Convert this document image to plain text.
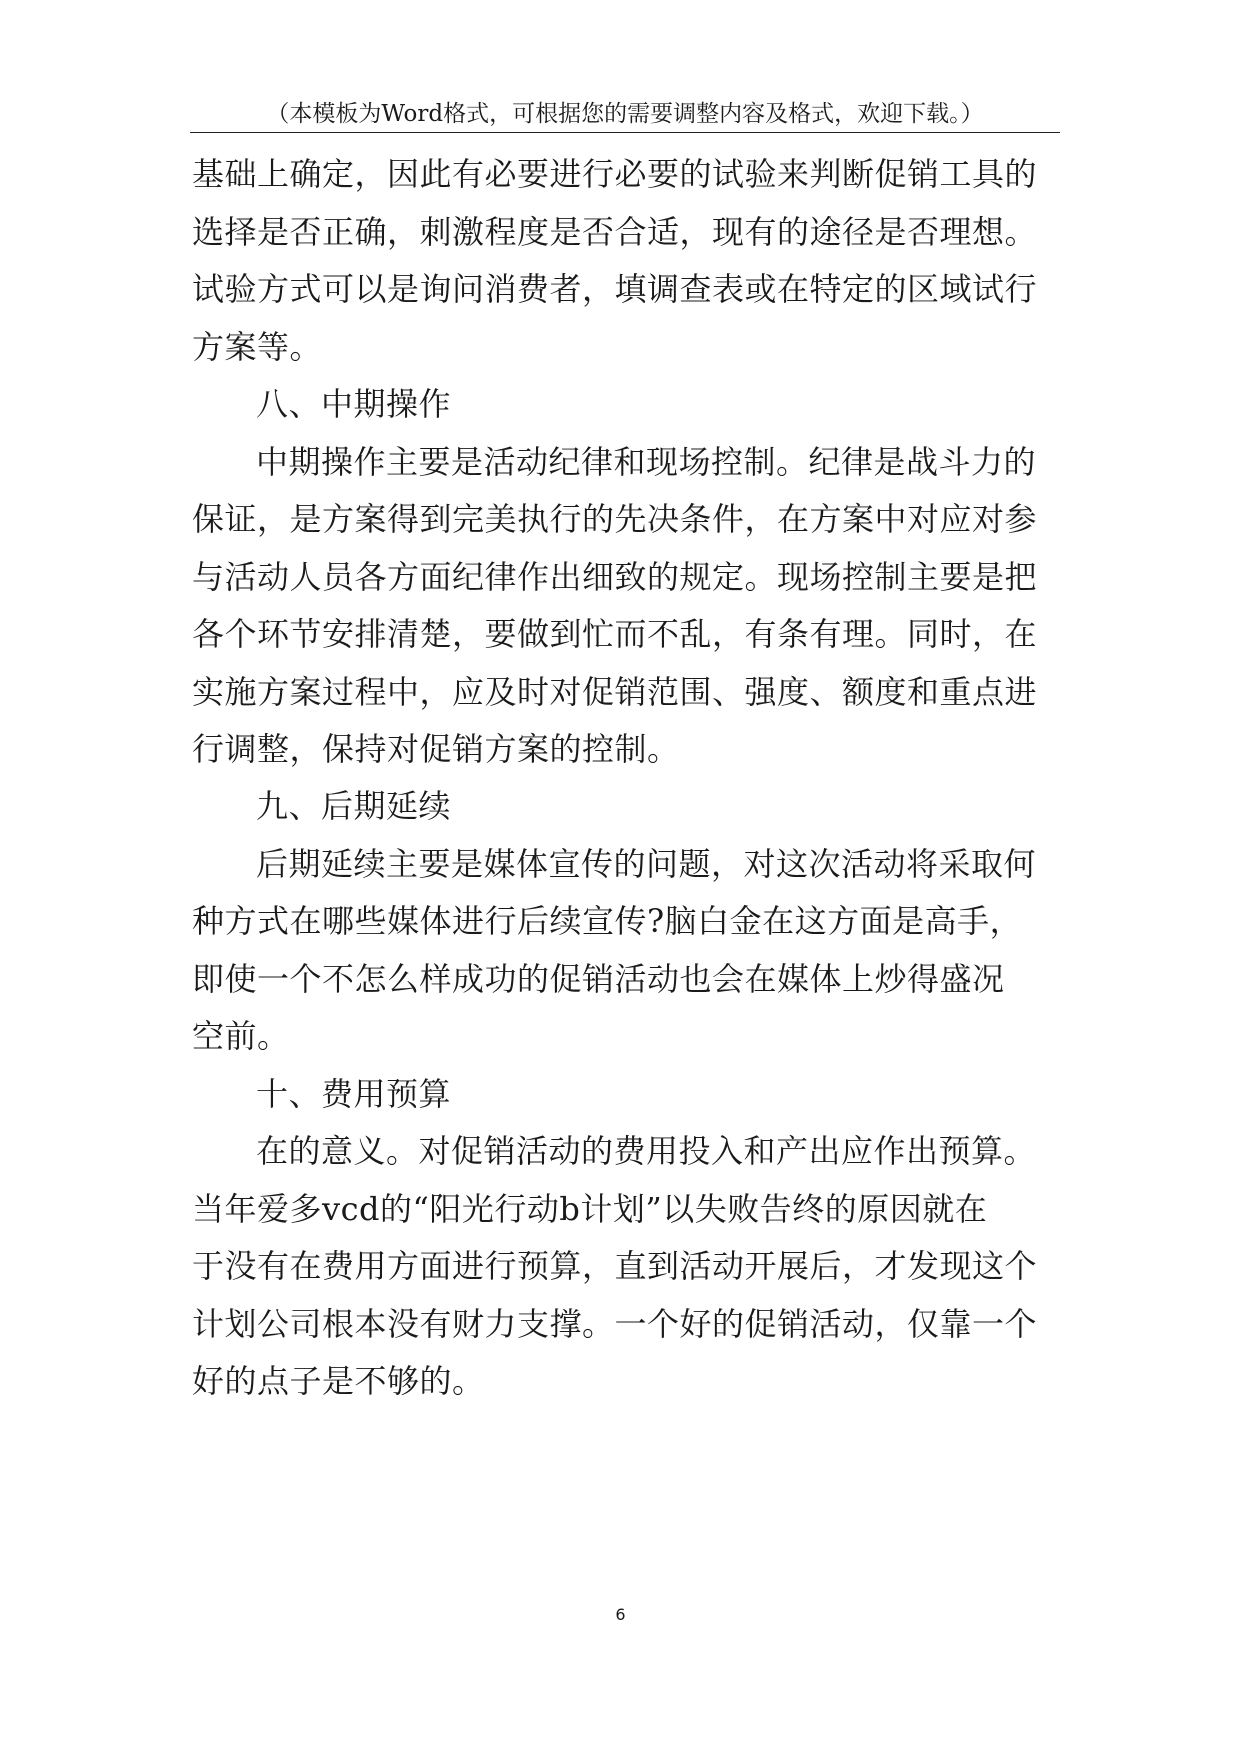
（本模板为Word格式，可根据您的需要调整内容及格式，欢迎下载。）
基础上确定，因此有必要进行必要的试验来判断促销工具的
选择是否正确，刺激程度是否合适，现有的途径是否理想。
试验方式可以是询问消费者，填调查表或在特定的区域试行
方案等。
八、中期操作
中期操作主要是活动纪律和现场控制。纪律是战斗力的
保证，是方案得到完美执行的先决条件，在方案中对应对参
与活动人员各方面纪律作出细致的规定。现场控制主要是把
各个环节安排清楚，要做到忙而不乱，有条有理。同时，在
实施方案过程中，应及时对促销范围、强度、额度和重点进
行调整，保持对促销方案的控制。
九、后期延续
后期延续主要是媒体宣传的问题，对这次活动将采取何
种方式在哪些媒体进行后续宣传?脑白金在这方面是高手，
即使一个不怎么样成功的促销活动也会在媒体上炒得盛况
空前。
十、费用预算
在的意义。对促销活动的费用投入和产出应作出预算。
当年爱多vcd的“阳光行动b计划”以失败告终的原因就在
于没有在费用方面进行预算，直到活动开展后，才发现这个
计划公司根本没有财力支撑。一个好的促销活动，仅靠一个
好的点子是不够的。
6
